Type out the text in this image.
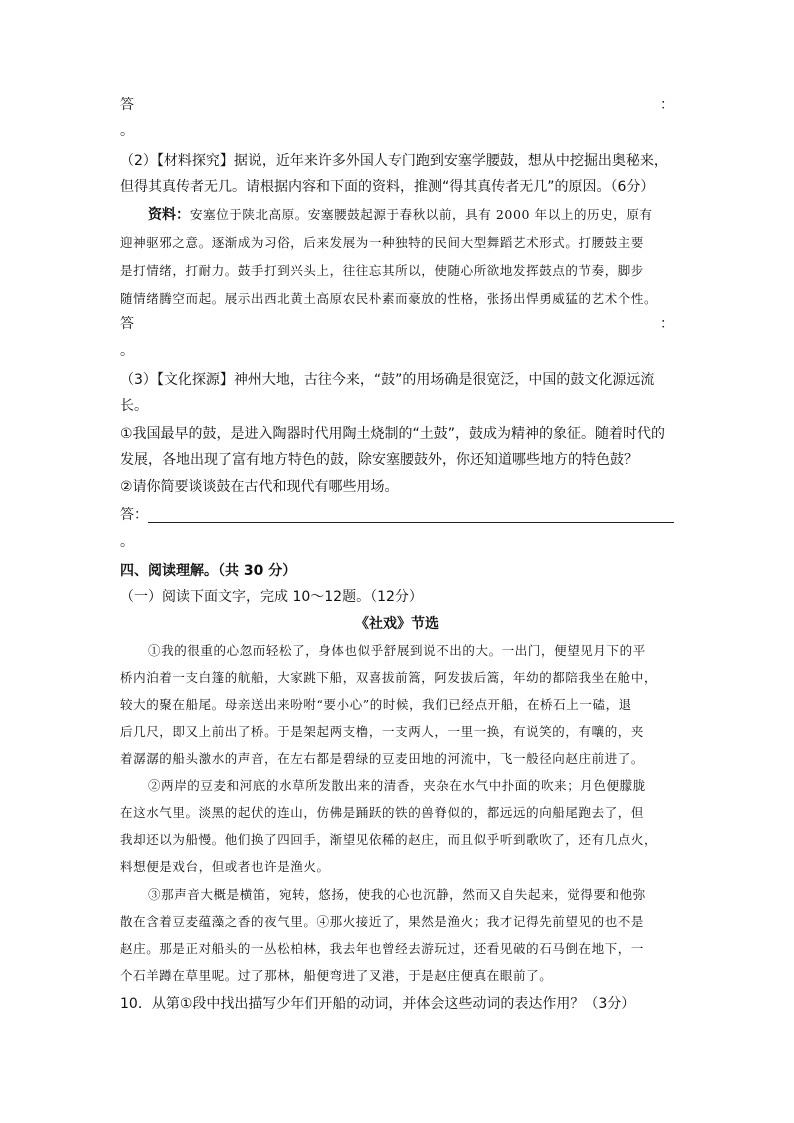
答	：
。
（2）【材料探究】据说，近年来许多外国人专门跑到安塞学腰鼓，想从中挖掘出奥秘来，
但得其真传者无几。请根据内容和下面的资料，推测“得其真传者无几”的原因。（6分）
资料：安塞位于陕北高原。安塞腰鼓起源于春秋以前，具有 2000 年以上的历史，原有
迎神驱邪之意。逐渐成为习俗，后来发展为一种独特的民间大型舞蹈艺术形式。打腰鼓主要
是打情绪，打耐力。鼓手打到兴头上，往往忘其所以，使随心所欲地发挥鼓点的节奏，脚步
随情绪腾空而起。展示出西北黄土高原农民朴素而豪放的性格，张扬出悍勇威猛的艺术个性。
答	：
。
（3）【文化探源】神州大地，古往今来，“鼓”的用场确是很宽泛，中国的鼓文化源远流
长。
①我国最早的鼓，是进入陶器时代用陶土烧制的“土鼓”，鼓成为精神的象征。随着时代的
发展，各地出现了富有地方特色的鼓，除安塞腰鼓外，你还知道哪些地方的特色鼓？
②请你简要谈谈鼓在古代和现代有哪些用场。
答：
。
四、阅读理解。（共 30 分）
（一）阅读下面文字，完成 10～12题。（12分）
《社戏》节选
①我的很重的心忽而轻松了，身体也似乎舒展到说不出的大。一出门，便望见月下的平
桥内泊着一支白篷的航船，大家跳下船，双喜拔前篙，阿发拔后篙，年幼的都陪我坐在舱中，
较大的聚在船尾。母亲送出来吩咐“要小心”的时候，我们已经点开船，在桥石上一磕，退
后几尺，即又上前出了桥。于是架起两支橹，一支两人，一里一换，有说笑的，有嚷的，夹
着潺潺的船头激水的声音，在左右都是碧绿的豆麦田地的河流中，飞一般径向赵庄前进了。
②两岸的豆麦和河底的水草所发散出来的清香，夹杂在水气中扑面的吹来；月色便朦胧
在这水气里。淡黑的起伏的连山，仿佛是踊跃的铁的兽脊似的，都远远的向船尾跑去了，但
我却还以为船慢。他们换了四回手，渐望见依稀的赵庄，而且似乎听到歌吹了，还有几点火，
料想便是戏台，但或者也许是渔火。
③那声音大概是横笛，宛转，悠扬，使我的心也沉静，然而又自失起来，觉得要和他弥
散在含着豆麦蕴藻之香的夜气里。④那火接近了，果然是渔火；我才记得先前望见的也不是
赵庄。那是正对船头的一丛松柏林，我去年也曾经去游玩过，还看见破的石马倒在地下，一
个石羊蹲在草里呢。过了那林，船便弯进了叉港，于是赵庄便真在眼前了。
10．从第①段中找出描写少年们开船的动词，并体会这些动词的表达作用？（3分）
